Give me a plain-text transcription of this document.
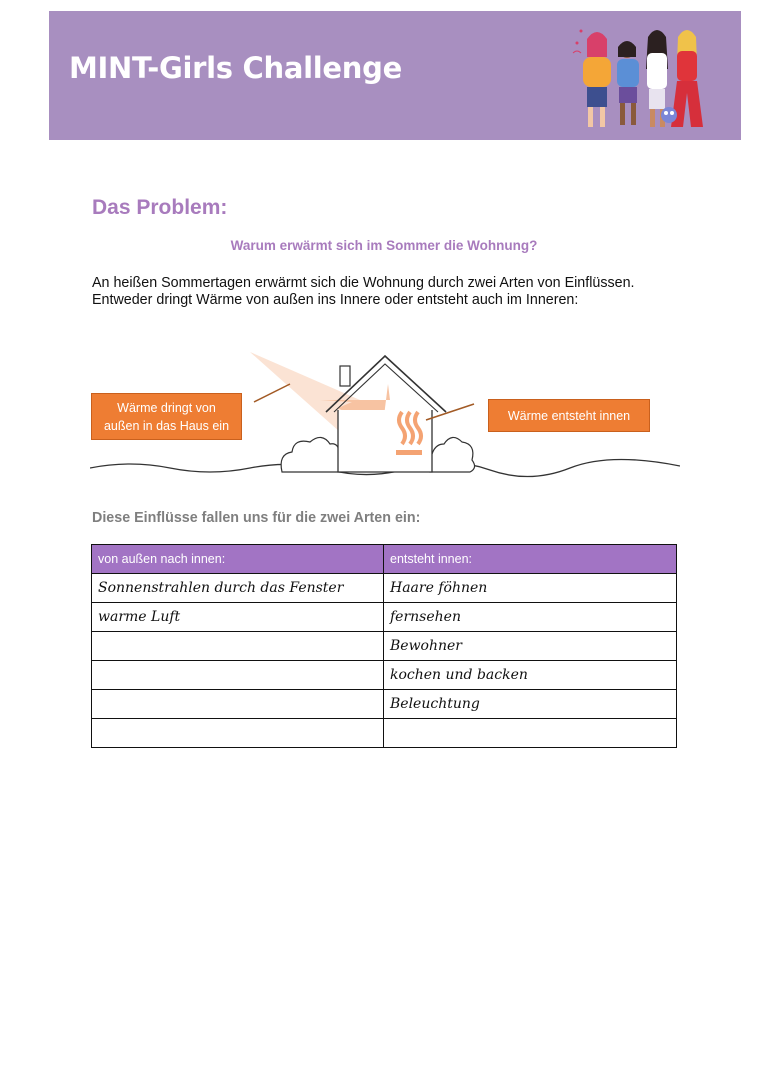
MINT-Girls Challenge
Das Problem:
Warum erwärmt sich im Sommer die Wohnung?
An heißen Sommertagen erwärmt sich die Wohnung durch zwei Arten von Einflüssen. Entweder dringt Wärme von außen ins Innere oder entsteht auch im Inneren:
Wärme dringt von
außen in das Haus ein
Wärme entsteht innen
Diese Einflüsse fallen uns für die zwei Arten ein:
von außen nach innen:	entsteht innen:
Sonnenstrahlen durch das Fenster	Haare föhnen
warme Luft	fernsehen
	Bewohner
	kochen und backen
	Beleuchtung
